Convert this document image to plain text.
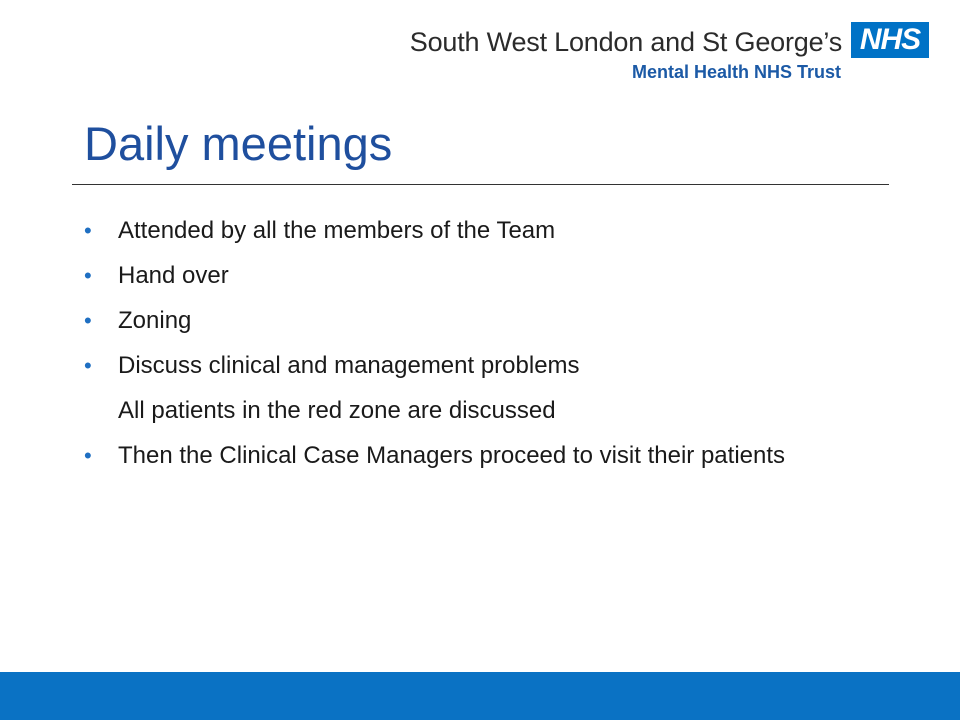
South West London and St George’s
Mental Health NHS Trust
NHS
Daily meetings
• Attended by all the members of the Team
• Hand over
• Zoning
• Discuss clinical and management problems
All patients in the red zone are discussed
• Then the Clinical Case Managers proceed to visit their patients
